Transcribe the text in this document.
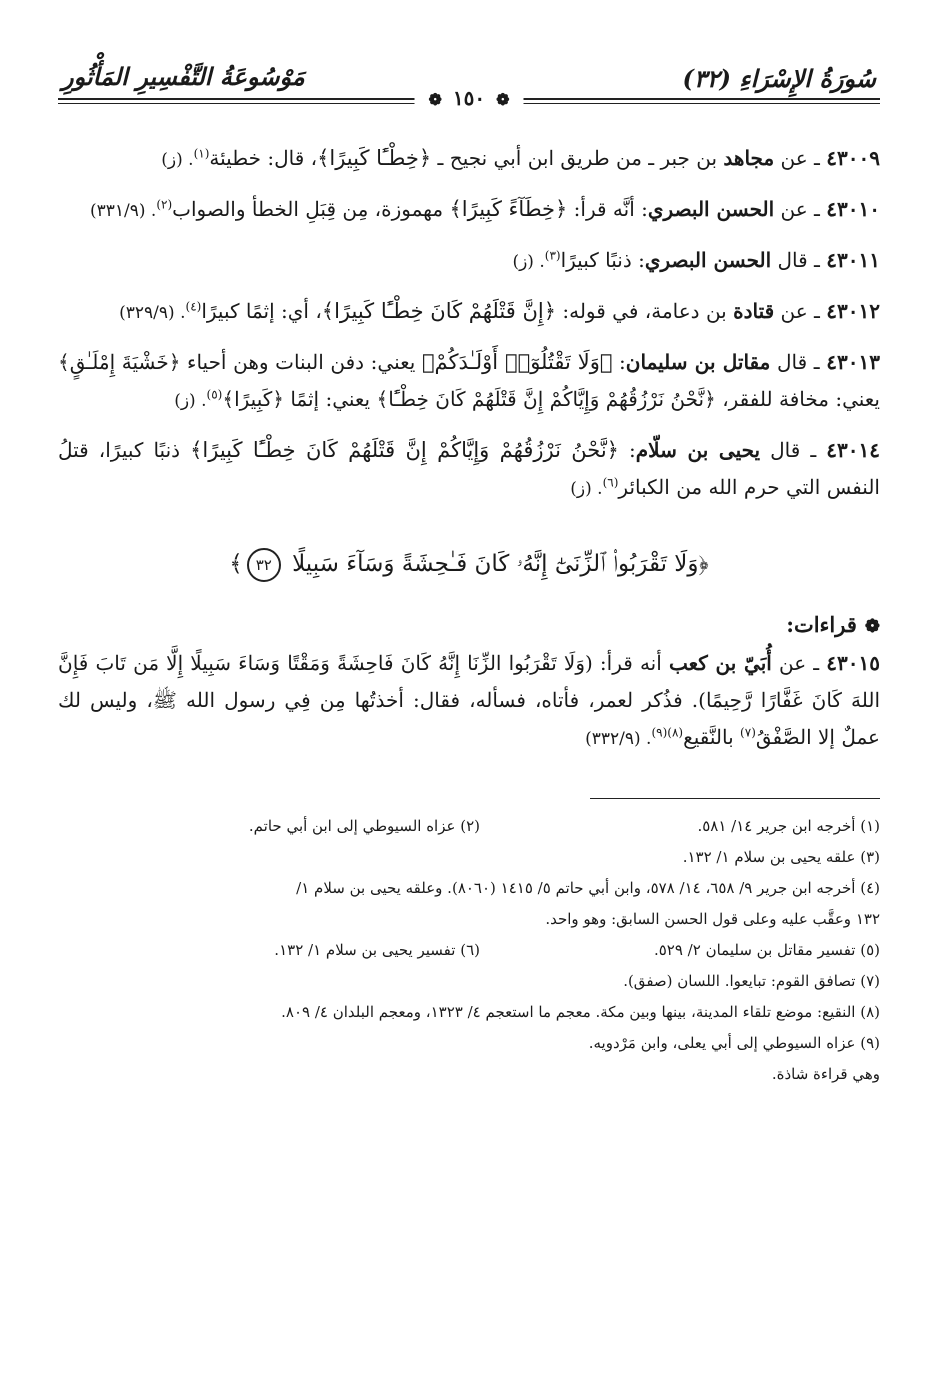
سُورَةُ الإِسْرَاءِ (٣٢)
مَوْسُوعَةُ التَّفْسِيرِ المَأْثُورِ
❁ ١٥٠ ❁
٤٣٠٠٩ ـ عن مجاهد بن جبر ـ من طريق ابن أبي نجيح ـ ﴿خِطْـًٔا كَبِيرًا﴾، قال: خطيئة$^{(١)}$. (ز)
٤٣٠١٠ ـ عن الحسن البصري: أنَّه قرأ: ﴿خِطَآءً كَبِيرًا﴾ مهموزة، مِن قِبَلِ الخطأ والصواب$^{(٢)}$. (٣٣١/٩)
٤٣٠١١ ـ قال الحسن البصري: ذنبًا كبيرًا$^{(٣)}$. (ز)
٤٣٠١٢ ـ عن قتادة بن دعامة، في قوله: ﴿إِنَّ قَتْلَهُمْ كَانَ خِطْـًٔا كَبِيرًا﴾، أي: إثمًا كبيرًا$^{(٤)}$. (٣٢٩/٩)
٤٣٠١٣ ـ قال مقاتل بن سليمان: ﴿وَلَا تَقْتُلُوٓا۟ أَوْلَـٰدَكُمْ﴾ يعني: دفن البنات وهن أحياء ﴿خَشْيَةَ إِمْلَـٰقٍ﴾ يعني: مخافة للفقر، ﴿نَّحْنُ نَرْزُقُهُمْ وَإِيَّاكُمْ إِنَّ قَتْلَهُمْ كَانَ خِطْـًٔا﴾ يعني: إثمًا ﴿كَبِيرًا﴾$^{(٥)}$. (ز)
٤٣٠١٤ ـ قال يحيى بن سلّام: ﴿نَّحْنُ نَرْزُقُهُمْ وَإِيَّاكُمْ إِنَّ قَتْلَهُمْ كَانَ خِطْـًٔا كَبِيرًا﴾ ذنبًا كبيرًا، قتلُ النفس التي حرم الله من الكبائر$^{(٦)}$. (ز)
﴿وَلَا تَقْرَبُوا۟ ٱلزِّنَىٰٓ إِنَّهُۥ كَانَ فَـٰحِشَةً وَسَآءَ سَبِيلًا ٣٢﴾
❁قراءات:
٤٣٠١٥ ـ عن أُبَيّ بن كعب أنه قرأ: (وَلَا تَقْرَبُوا الزِّنَا إِنَّهُ كَانَ فَاحِشَةً وَمَقْتًا وَسَاءَ سَبِيلًا إِلَّا مَن تَابَ فَإِنَّ اللهَ كَانَ غَفَّارًا رَّحِيمًا). فذُكر لعمر، فأتاه، فسأله، فقال: أخذتُها مِن فِي رسول الله ﷺ، وليس لك عملٌ إلا الصَّفْقُ$^{(٧)}$ بالنَّقيع$^{(٨)(٩)}$. (٣٣٢/٩)
(١) أخرجه ابن جرير ١٤/ ٥٨١.
(٢) عزاه السيوطي إلى ابن أبي حاتم.
(٣) علقه يحيى بن سلام ١/ ١٣٢.
(٤) أخرجه ابن جرير ٩/ ٦٥٨، ١٤/ ٥٧٨، وابن أبي حاتم ٥/ ١٤١٥ (٨٠٦٠). وعلقه يحيى بن سلام ١/
١٣٢ وعقَّب عليه وعلى قول الحسن السابق: وهو واحد.
(٥) تفسير مقاتل بن سليمان ٢/ ٥٢٩.
(٦) تفسير يحيى بن سلام ١/ ١٣٢.
(٧) تصافق القوم: تبايعوا. اللسان (صفق).
(٨) النقيع: موضع تلقاء المدينة، بينها وبين مكة. معجم ما استعجم ٤/ ١٣٢٣، ومعجم البلدان ٤/ ٨٠٩.
(٩) عزاه السيوطي إلى أبي يعلى، وابن مَرْدويه.
وهي قراءة شاذة.
